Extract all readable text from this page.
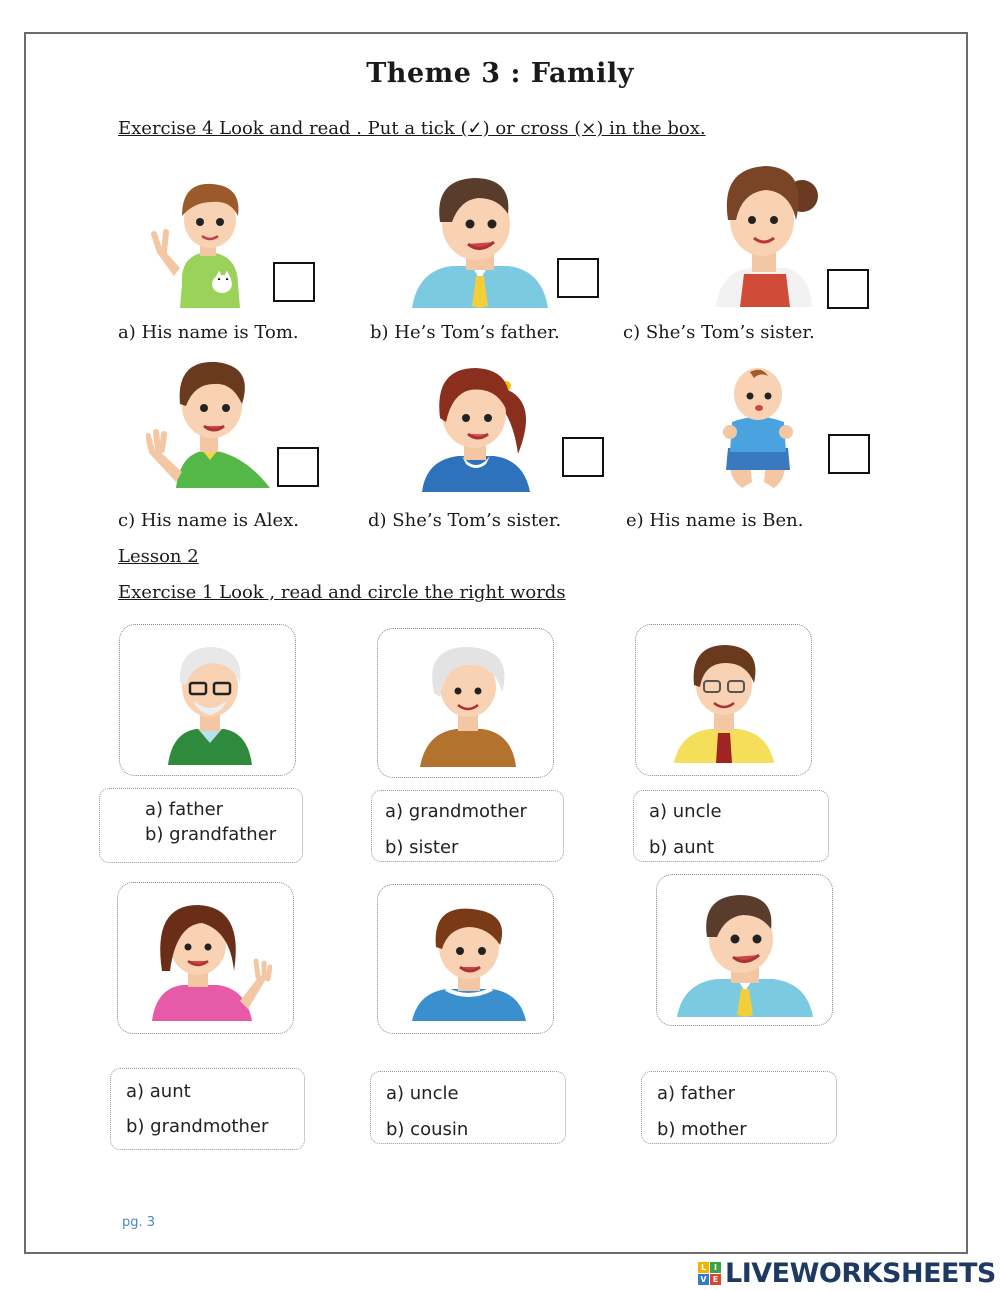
Theme 3 : Family
Exercise 4 Look and read . Put a tick (✓) or cross (×) in the box.
a) His name is Tom.	b) He’s Tom’s father.	c) She’s Tom’s sister.
c) His name is Alex.	d) She’s Tom’s sister.	e) His name is Ben.
Lesson 2
Exercise 1 Look , read and circle the right words
a) father
b) grandfather
a) grandmother
b) sister
a) uncle
b) aunt
a) aunt
b) grandmother
a) uncle
b) cousin
a) father
b) mother
pg. 3
L I
V E LIVEWORKSHEETS
